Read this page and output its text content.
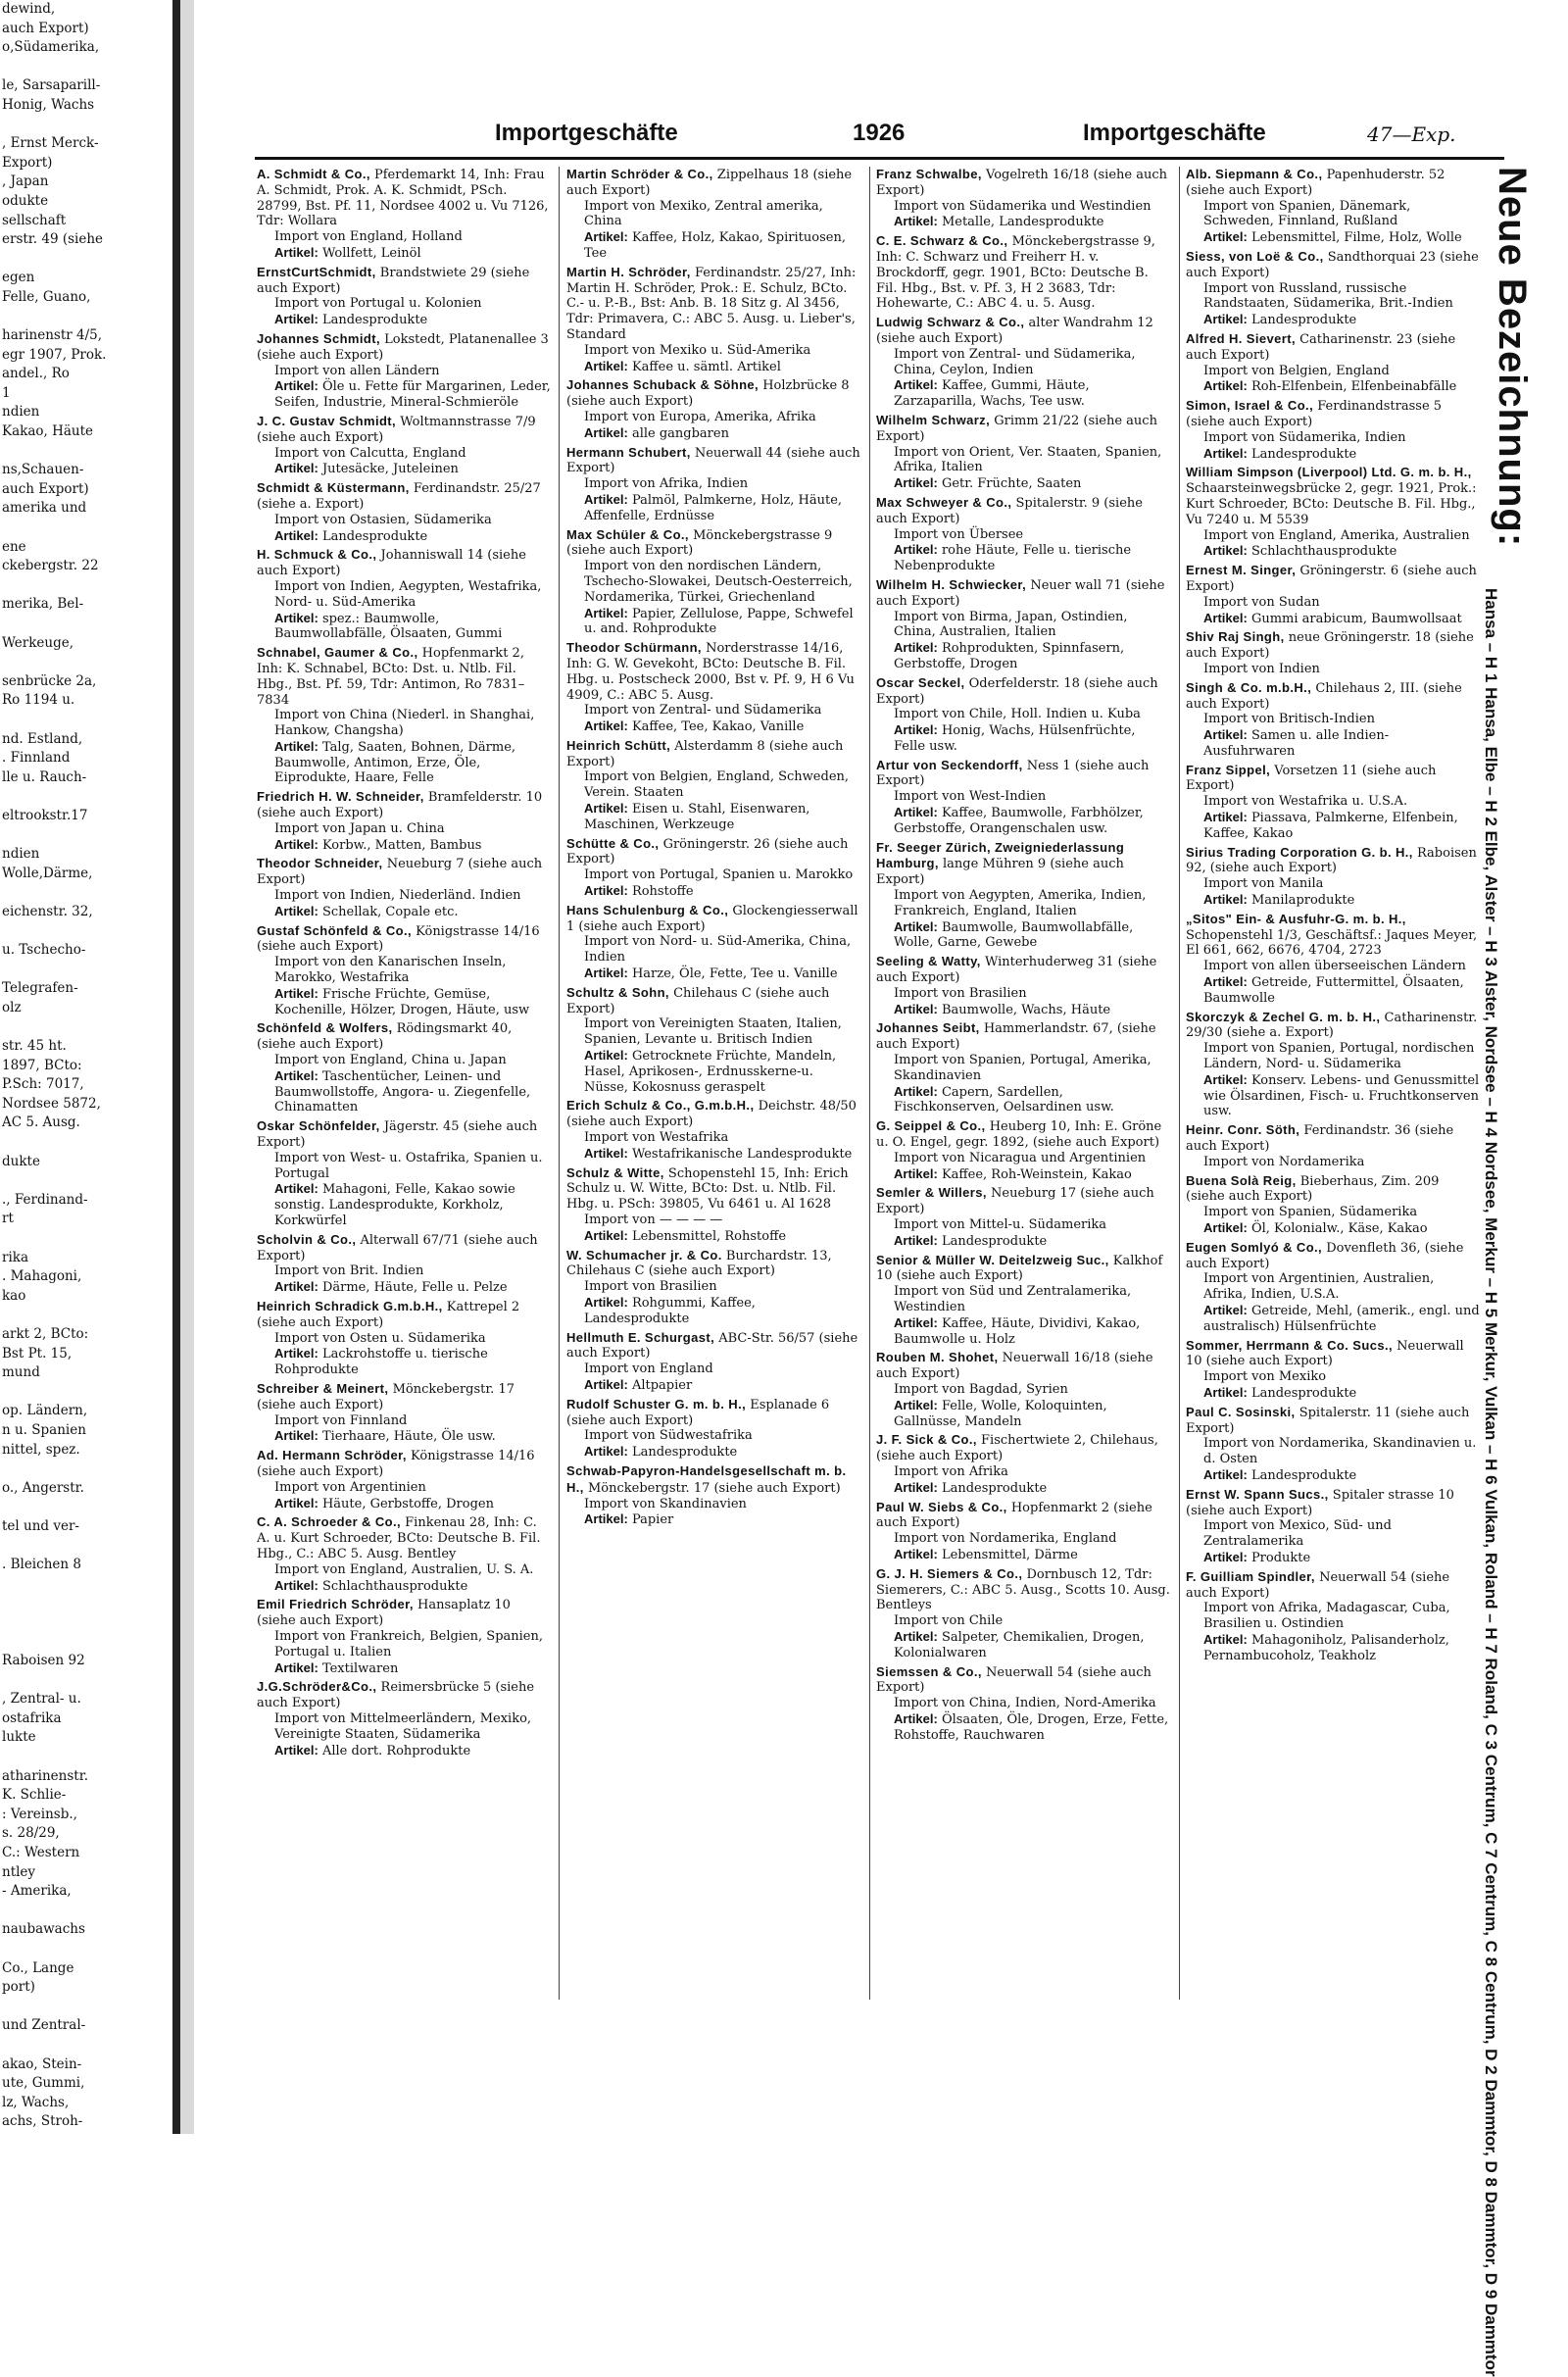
dewind,
auch Export)
o,Südamerika,

le, Sarsaparill-
Honig, Wachs

, Ernst Merck-
Export)
, Japan
odukte
sellschaft
erstr. 49 (siehe

egen
Felle, Guano,

harinenstr 4/5,
egr 1907, Prok.
andel., Ro
1
ndien
Kakao, Häute

ns,Schauen-
auch Export)
amerika und

ene
ckebergstr. 22

merika, Bel-

Werkeuge,

senbrücke 2a,
Ro 1194 u.

nd. Estland,
. Finnland
lle u. Rauch-

eltrookstr.17

ndien
Wolle,Därme,

eichenstr. 32,

u. Tschecho-

Telegrafen-
olz

str. 45 ht.
1897, BCto:
P.Sch: 7017,
Nordsee 5872,
AC 5. Ausg.

dukte

., Ferdinand-
rt

rika
. Mahagoni,
kao

arkt 2, BCto:
Bst Pt. 15,
mund

op. Ländern,
n u. Spanien
nittel, spez.

o., Angerstr.

tel und ver-

. Bleichen 8

Raboisen 92

, Zentral- u.
ostafrika
lukte

atharinenstr.
K. Schlie-
: Vereinsb.,
s. 28/29,
C.: Western
ntley
- Amerika,

naubawachs

Co., Lange
port)

und Zentral-

akao, Stein-
ute, Gummi,
lz, Wachs,
achs, Stroh-
Importgeschäfte	1926	Importgeschäfte	47—Exp.
A. Schmidt & Co., Pferdemarkt 14, Inh: Frau A. Schmidt, Prok. A. K. Schmidt, PSch. 28799, Bst. Pf. 11, Nordsee 4002 u. Vu 7126, Tdr: Wollara
Import von England, Holland
Artikel: Wollfett, Leinöl
ErnstCurtSchmidt, Brandstwiete 29 (siehe auch Export)
Import von Portugal u. Kolonien
Artikel: Landesprodukte
Johannes Schmidt, Lokstedt, Platanenallee 3 (siehe auch Export)
Import von allen Ländern
Artikel: Öle u. Fette für Margarinen, Leder, Seifen, Industrie, Mineral-Schmieröle
J. C. Gustav Schmidt, Woltmannstrasse 7/9 (siehe auch Export)
Import von Calcutta, England
Artikel: Jutesäcke, Juteleinen
Schmidt & Küstermann, Ferdinandstr. 25/27 (siehe a. Export)
Import von Ostasien, Südamerika
Artikel: Landesprodukte
H. Schmuck & Co., Johanniswall 14 (siehe auch Export)
Import von Indien, Aegypten, Westafrika, Nord- u. Süd-Amerika
Artikel: spez.: Baumwolle, Baumwollabfälle, Ölsaaten, Gummi
Schnabel, Gaumer & Co., Hopfenmarkt 2, Inh: K. Schnabel, BCto: Dst. u. Ntlb. Fil. Hbg., Bst. Pf. 59, Tdr: Antimon, Ro 7831–7834
Import von China (Niederl. in Shanghai, Hankow, Changsha)
Artikel: Talg, Saaten, Bohnen, Därme, Baumwolle, Antimon, Erze, Öle, Eiprodukte, Haare, Felle
Friedrich H. W. Schneider, Bramfelderstr. 10 (siehe auch Export)
Import von Japan u. China
Artikel: Korbw., Matten, Bambus
Theodor Schneider, Neueburg 7 (siehe auch Export)
Import von Indien, Niederländ. Indien
Artikel: Schellak, Copale etc.
Gustaf Schönfeld & Co., Königstrasse 14/16 (siehe auch Export)
Import von den Kanarischen Inseln, Marokko, Westafrika
Artikel: Frische Früchte, Gemüse, Kochenille, Hölzer, Drogen, Häute, usw
Schönfeld & Wolfers, Rödingsmarkt 40, (siehe auch Export)
Import von England, China u. Japan
Artikel: Taschentücher, Leinen- und Baumwollstoffe, Angora- u. Ziegenfelle, Chinamatten
Oskar Schönfelder, Jägerstr. 45 (siehe auch Export)
Import von West- u. Ostafrika, Spanien u. Portugal
Artikel: Mahagoni, Felle, Kakao sowie sonstig. Landesprodukte, Korkholz, Korkwürfel
Scholvin & Co., Alterwall 67/71 (siehe auch Export)
Import von Brit. Indien
Artikel: Därme, Häute, Felle u. Pelze
Heinrich Schradick G.m.b.H., Kattrepel 2 (siehe auch Export)
Import von Osten u. Südamerika
Artikel: Lackrohstoffe u. tierische Rohprodukte
Schreiber & Meinert, Mönckebergstr. 17 (siehe auch Export)
Import von Finnland
Artikel: Tierhaare, Häute, Öle usw.
Ad. Hermann Schröder, Königstrasse 14/16 (siehe auch Export)
Import von Argentinien
Artikel: Häute, Gerbstoffe, Drogen
C. A. Schroeder & Co., Finkenau 28, Inh: C. A. u. Kurt Schroeder, BCto: Deutsche B. Fil. Hbg., C.: ABC 5. Ausg. Bentley
Import von England, Australien, U. S. A.
Artikel: Schlachthausprodukte
Emil Friedrich Schröder, Hansaplatz 10 (siehe auch Export)
Import von Frankreich, Belgien, Spanien, Portugal u. Italien
Artikel: Textilwaren
J.G.Schröder&Co., Reimersbrücke 5 (siehe auch Export)
Import von Mittelmeerländern, Mexiko, Vereinigte Staaten, Südamerika
Artikel: Alle dort. Rohprodukte
Martin Schröder & Co., Zippelhaus 18 (siehe auch Export)
Import von Mexiko, Zentral amerika, China
Artikel: Kaffee, Holz, Kakao, Spirituosen, Tee
Martin H. Schröder, Ferdinandstr. 25/27, Inh: Martin H. Schröder, Prok.: E. Schulz, BCto. C.- u. P.-B., Bst: Anb. B. 18 Sitz g. Al 3456, Tdr: Primavera, C.: ABC 5. Ausg. u. Lieber's, Standard
Import von Mexiko u. Süd-Amerika
Artikel: Kaffee u. sämtl. Artikel
Johannes Schuback & Söhne, Holzbrücke 8 (siehe auch Export)
Import von Europa, Amerika, Afrika
Artikel: alle gangbaren
Hermann Schubert, Neuerwall 44 (siehe auch Export)
Import von Afrika, Indien
Artikel: Palmöl, Palmkerne, Holz, Häute, Affenfelle, Erdnüsse
Max Schüler & Co., Mönckebergstrasse 9 (siehe auch Export)
Import von den nordischen Ländern, Tschecho-Slowakei, Deutsch-Oesterreich, Nordamerika, Türkei, Griechenland
Artikel: Papier, Zellulose, Pappe, Schwefel u. and. Rohprodukte
Theodor Schürmann, Norderstrasse 14/16, Inh: G. W. Gevekoht, BCto: Deutsche B. Fil. Hbg. u. Postscheck 2000, Bst v. Pf. 9, H 6 Vu 4909, C.: ABC 5. Ausg.
Import von Zentral- und Südamerika
Artikel: Kaffee, Tee, Kakao, Vanille
Heinrich Schütt, Alsterdamm 8 (siehe auch Export)
Import von Belgien, England, Schweden, Verein. Staaten
Artikel: Eisen u. Stahl, Eisenwaren, Maschinen, Werkzeuge
Schütte & Co., Gröningerstr. 26 (siehe auch Export)
Import von Portugal, Spanien u. Marokko
Artikel: Rohstoffe
Hans Schulenburg & Co., Glockengiesserwall 1 (siehe auch Export)
Import von Nord- u. Süd-Amerika, China, Indien
Artikel: Harze, Öle, Fette, Tee u. Vanille
Schultz & Sohn, Chilehaus C (siehe auch Export)
Import von Vereinigten Staaten, Italien, Spanien, Levante u. Britisch Indien
Artikel: Getrocknete Früchte, Mandeln, Hasel, Aprikosen-, Erdnusskerne-u. Nüsse, Kokosnuss geraspelt
Erich Schulz & Co., G.m.b.H., Deichstr. 48/50 (siehe auch Export)
Import von Westafrika
Artikel: Westafrikanische Landesprodukte
Schulz & Witte, Schopenstehl 15, Inh: Erich Schulz u. W. Witte, BCto: Dst. u. Ntlb. Fil. Hbg. u. PSch: 39805, Vu 6461 u. Al 1628
Import von — — — —
Artikel: Lebensmittel, Rohstoffe
W. Schumacher jr. & Co. Burchardstr. 13, Chilehaus C (siehe auch Export)
Import von Brasilien
Artikel: Rohgummi, Kaffee, Landesprodukte
Hellmuth E. Schurgast, ABC-Str. 56/57 (siehe auch Export)
Import von England
Artikel: Altpapier
Rudolf Schuster G. m. b. H., Esplanade 6 (siehe auch Export)
Import von Südwestafrika
Artikel: Landesprodukte
Schwab-Papyron-Handelsgesellschaft m. b. H., Mönckebergstr. 17 (siehe auch Export)
Import von Skandinavien
Artikel: Papier
Franz Schwalbe, Vogelreth 16/18 (siehe auch Export)
Import von Südamerika und Westindien
Artikel: Metalle, Landesprodukte
C. E. Schwarz & Co., Mönckebergstrasse 9, Inh: C. Schwarz und Freiherr H. v. Brockdorff, gegr. 1901, BCto: Deutsche B. Fil. Hbg., Bst. v. Pf. 3, H 2 3683, Tdr: Hohewarte, C.: ABC 4. u. 5. Ausg.
Ludwig Schwarz & Co., alter Wandrahm 12 (siehe auch Export)
Import von Zentral- und Südamerika, China, Ceylon, Indien
Artikel: Kaffee, Gummi, Häute, Zarzaparilla, Wachs, Tee usw.
Wilhelm Schwarz, Grimm 21/22 (siehe auch Export)
Import von Orient, Ver. Staaten, Spanien, Afrika, Italien
Artikel: Getr. Früchte, Saaten
Max Schweyer & Co., Spitalerstr. 9 (siehe auch Export)
Import von Übersee
Artikel: rohe Häute, Felle u. tierische Nebenprodukte
Wilhelm H. Schwiecker, Neuer wall 71 (siehe auch Export)
Import von Birma, Japan, Ostindien, China, Australien, Italien
Artikel: Rohprodukten, Spinnfasern, Gerbstoffe, Drogen
Oscar Seckel, Oderfelderstr. 18 (siehe auch Export)
Import von Chile, Holl. Indien u. Kuba
Artikel: Honig, Wachs, Hülsenfrüchte, Felle usw.
Artur von Seckendorff, Ness 1 (siehe auch Export)
Import von West-Indien
Artikel: Kaffee, Baumwolle, Farbhölzer, Gerbstoffe, Orangenschalen usw.
Fr. Seeger Zürich, Zweigniederlassung Hamburg, lange Mühren 9 (siehe auch Export)
Import von Aegypten, Amerika, Indien, Frankreich, England, Italien
Artikel: Baumwolle, Baumwollabfälle, Wolle, Garne, Gewebe
Seeling & Watty, Winterhuderweg 31 (siehe auch Export)
Import von Brasilien
Artikel: Baumwolle, Wachs, Häute
Johannes Seibt, Hammerlandstr. 67, (siehe auch Export)
Import von Spanien, Portugal, Amerika, Skandinavien
Artikel: Capern, Sardellen, Fischkonserven, Oelsardinen usw.
G. Seippel & Co., Heuberg 10, Inh: E. Gröne u. O. Engel, gegr. 1892, (siehe auch Export)
Import von Nicaragua und Argentinien
Artikel: Kaffee, Roh-Weinstein, Kakao
Semler & Willers, Neueburg 17 (siehe auch Export)
Import von Mittel-u. Südamerika
Artikel: Landesprodukte
Senior & Müller W. Deitelzweig Suc., Kalkhof 10 (siehe auch Export)
Import von Süd und Zentralamerika, Westindien
Artikel: Kaffee, Häute, Dividivi, Kakao, Baumwolle u. Holz
Rouben M. Shohet, Neuerwall 16/18 (siehe auch Export)
Import von Bagdad, Syrien
Artikel: Felle, Wolle, Koloquinten, Gallnüsse, Mandeln
J. F. Sick & Co., Fischertwiete 2, Chilehaus, (siehe auch Export)
Import von Afrika
Artikel: Landesprodukte
Paul W. Siebs & Co., Hopfenmarkt 2 (siehe auch Export)
Import von Nordamerika, England
Artikel: Lebensmittel, Därme
G. J. H. Siemers & Co., Dornbusch 12, Tdr: Siemerers, C.: ABC 5. Ausg., Scotts 10. Ausg. Bentleys
Import von Chile
Artikel: Salpeter, Chemikalien, Drogen, Kolonialwaren
Siemssen & Co., Neuerwall 54 (siehe auch Export)
Import von China, Indien, Nord-Amerika
Artikel: Ölsaaten, Öle, Drogen, Erze, Fette, Rohstoffe, Rauchwaren
Alb. Siepmann & Co., Papenhuderstr. 52 (siehe auch Export)
Import von Spanien, Dänemark, Schweden, Finnland, Rußland
Artikel: Lebensmittel, Filme, Holz, Wolle
Siess, von Loë & Co., Sandthorquai 23 (siehe auch Export)
Import von Russland, russische Randstaaten, Südamerika, Brit.-Indien
Artikel: Landesprodukte
Alfred H. Sievert, Catharinenstr. 23 (siehe auch Export)
Import von Belgien, England
Artikel: Roh-Elfenbein, Elfenbeinabfälle
Simon, Israel & Co., Ferdinandstrasse 5 (siehe auch Export)
Import von Südamerika, Indien
Artikel: Landesprodukte
William Simpson (Liverpool) Ltd. G. m. b. H., Schaarsteinwegsbrücke 2, gegr. 1921, Prok.: Kurt Schroeder, BCto: Deutsche B. Fil. Hbg., Vu 7240 u. M 5539
Import von England, Amerika, Australien
Artikel: Schlachthausprodukte
Ernest M. Singer, Gröningerstr. 6 (siehe auch Export)
Import von Sudan
Artikel: Gummi arabicum, Baumwollsaat
Shiv Raj Singh, neue Gröningerstr. 18 (siehe auch Export)
Import von Indien
Singh & Co. m.b.H., Chilehaus 2, III. (siehe auch Export)
Import von Britisch-Indien
Artikel: Samen u. alle Indien-Ausfuhrwaren
Franz Sippel, Vorsetzen 11 (siehe auch Export)
Import von Westafrika u. U.S.A.
Artikel: Piassava, Palmkerne, Elfenbein, Kaffee, Kakao
Sirius Trading Corporation G. b. H., Raboisen 92, (siehe auch Export)
Import von Manila
Artikel: Manilaprodukte
„Sitos" Ein- & Ausfuhr-G. m. b. H., Schopenstehl 1/3, Geschäftsf.: Jaques Meyer, El 661, 662, 6676, 4704, 2723
Import von allen überseeischen Ländern
Artikel: Getreide, Futtermittel, Ölsaaten, Baumwolle
Skorczyk & Zechel G. m. b. H., Catharinenstr. 29/30 (siehe a. Export)
Import von Spanien, Portugal, nordischen Ländern, Nord- u. Südamerika
Artikel: Konserv. Lebens- und Genussmittel wie Ölsardinen, Fisch- u. Fruchtkonserven usw.
Heinr. Conr. Söth, Ferdinandstr. 36 (siehe auch Export)
Import von Nordamerika
Buena Solà Reig, Bieberhaus, Zim. 209 (siehe auch Export)
Import von Spanien, Südamerika
Artikel: Öl, Kolonialw., Käse, Kakao
Eugen Somlyó & Co., Dovenfleth 36, (siehe auch Export)
Import von Argentinien, Australien, Afrika, Indien, U.S.A.
Artikel: Getreide, Mehl, (amerik., engl. und australisch) Hülsenfrüchte
Sommer, Herrmann & Co. Sucs., Neuerwall 10 (siehe auch Export)
Import von Mexiko
Artikel: Landesprodukte
Paul C. Sosinski, Spitalerstr. 11 (siehe auch Export)
Import von Nordamerika, Skandinavien u. d. Osten
Artikel: Landesprodukte
Ernst W. Spann Sucs., Spitaler strasse 10 (siehe auch Export)
Import von Mexico, Süd- und Zentralamerika
Artikel: Produkte
F. Guilliam Spindler, Neuerwall 54 (siehe auch Export)
Import von Afrika, Madagascar, Cuba, Brasilien u. Ostindien
Artikel: Mahagoniholz, Palisanderholz, Pernambucoholz, Teakholz
Neue Bezeichnung:
Hansa – H 1 Hansa, Elbe – H 2 Elbe, Alster – H 3 Alster, Nordsee – H 4 Nordsee, Merkur – H 5 Merkur, Vulkan – H 6 Vulkan, Roland – H 7 Roland, C 3 Centrum, C 7 Centrum, C 8 Centrum, D 2 Dammtor, D 8 Dammtor, D 9 Dammtor
